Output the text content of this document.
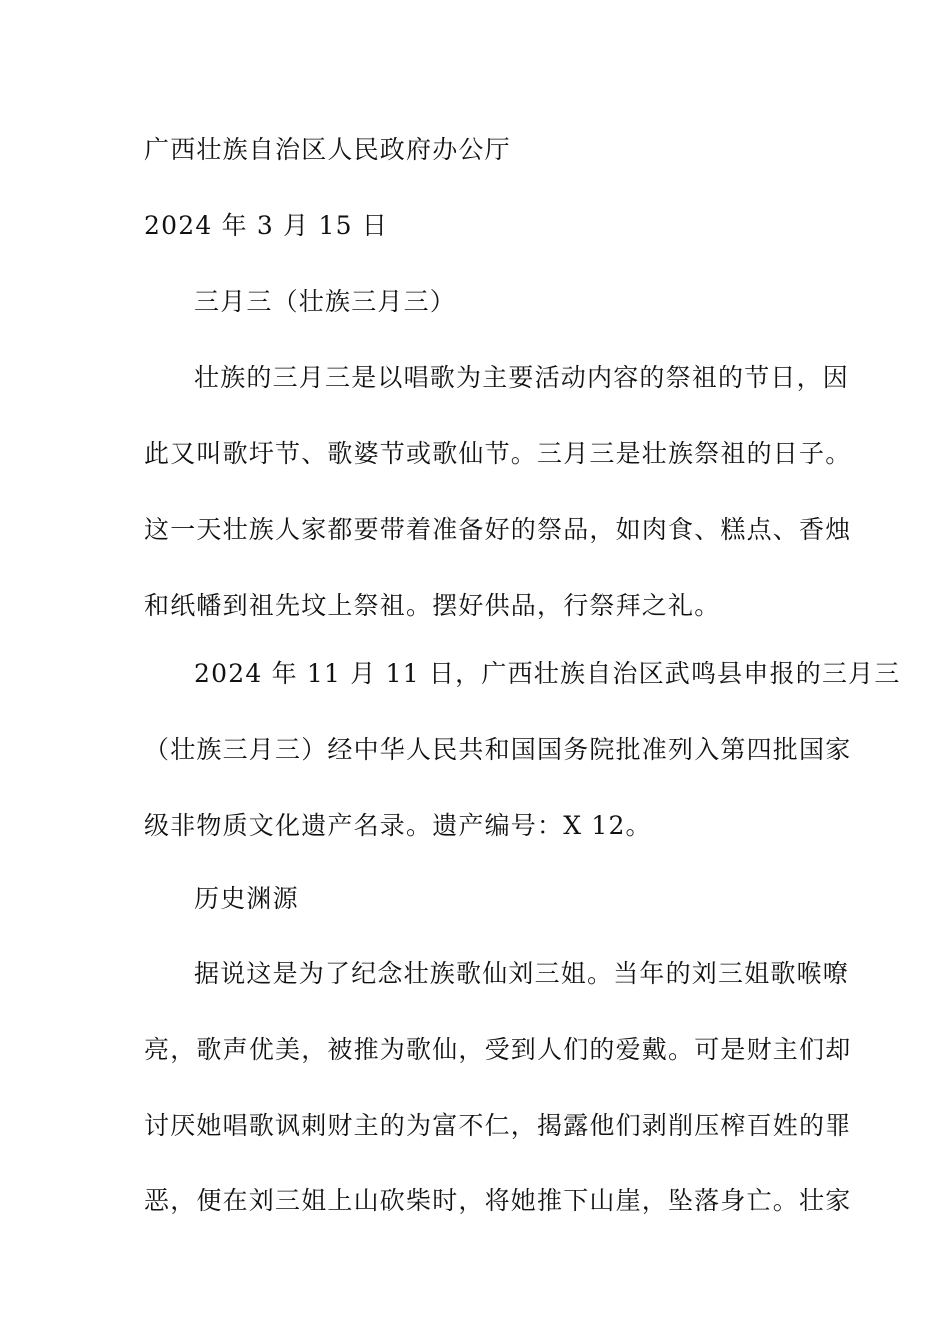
广西壮族自治区人民政府办公厅
2024 年 3 月 15 日
三月三（壮族三月三）
壮族的三月三是以唱歌为主要活动内容的祭祖的节日，因
此又叫歌圩节、歌婆节或歌仙节。三月三是壮族祭祖的日子。
这一天壮族人家都要带着准备好的祭品，如肉食、糕点、香烛
和纸幡到祖先坟上祭祖。摆好供品，行祭拜之礼。
2024 年 11 月 11 日，广西壮族自治区武鸣县申报的三月三
（壮族三月三）经中华人民共和国国务院批准列入第四批国家
级非物质文化遗产名录。遗产编号：Ⅹ 12。
历史渊源
据说这是为了纪念壮族歌仙刘三姐。当年的刘三姐歌喉嘹
亮，歌声优美，被推为歌仙，受到人们的爱戴。可是财主们却
讨厌她唱歌讽刺财主的为富不仁，揭露他们剥削压榨百姓的罪
恶，便在刘三姐上山砍柴时，将她推下山崖，坠落身亡。壮家
